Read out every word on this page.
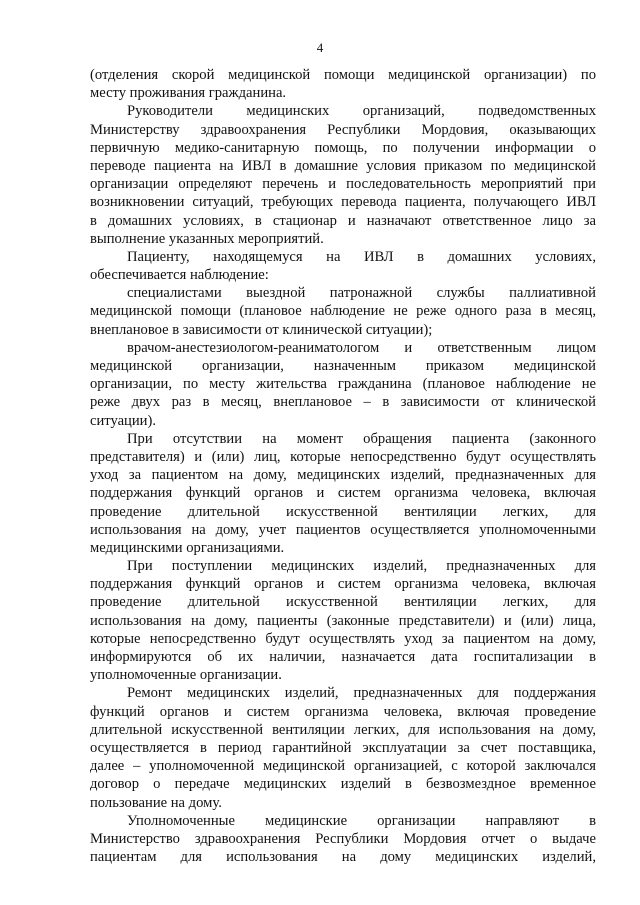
4
(отделения скорой медицинской помощи медицинской организации) по
месту проживания гражданина.
Руководители медицинских организаций, подведомственных
Министерству здравоохранения Республики Мордовия, оказывающих
первичную медико-санитарную помощь, по получении информации о
переводе пациента на ИВЛ в домашние условия приказом по медицинской
организации определяют перечень и последовательность мероприятий при
возникновении ситуаций, требующих перевода пациента, получающего ИВЛ
в домашних условиях, в стационар и назначают ответственное лицо за
выполнение указанных мероприятий.
Пациенту, находящемуся на ИВЛ в домашних условиях,
обеспечивается наблюдение:
специалистами выездной патронажной службы паллиативной
медицинской помощи (плановое наблюдение не реже одного раза в месяц,
внеплановое в зависимости от клинической ситуации);
врачом-анестезиологом-реаниматологом и ответственным лицом
медицинской организации, назначенным приказом медицинской
организации, по месту жительства гражданина (плановое наблюдение не
реже двух раз в месяц, внеплановое – в зависимости от клинической
ситуации).
При отсутствии на момент обращения пациента (законного
представителя) и (или) лиц, которые непосредственно будут осуществлять
уход за пациентом на дому, медицинских изделий, предназначенных для
поддержания функций органов и систем организма человека, включая
проведение длительной искусственной вентиляции легких, для
использования на дому, учет пациентов осуществляется уполномоченными
медицинскими организациями.
При поступлении медицинских изделий, предназначенных для
поддержания функций органов и систем организма человека, включая
проведение длительной искусственной вентиляции легких, для
использования на дому, пациенты (законные представители) и (или) лица,
которые непосредственно будут осуществлять уход за пациентом на дому,
информируются об их наличии, назначается дата госпитализации в
уполномоченные организации.
Ремонт медицинских изделий, предназначенных для поддержания
функций органов и систем организма человека, включая проведение
длительной искусственной вентиляции легких, для использования на дому,
осуществляется в период гарантийной эксплуатации за счет поставщика,
далее – уполномоченной медицинской организацией, с которой заключался
договор о передаче медицинских изделий в безвозмездное временное
пользование на дому.
Уполномоченные медицинские организации направляют в
Министерство здравоохранения Республики Мордовия отчет о выдаче
пациентам для использования на дому медицинских изделий,
